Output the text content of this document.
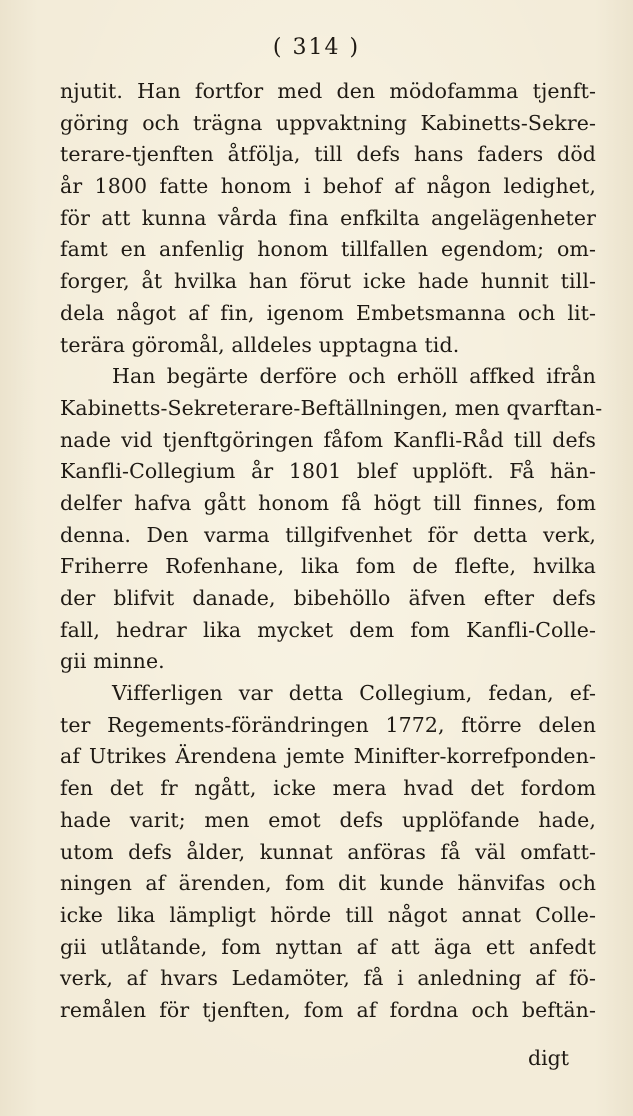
( 314 )
njutit. Han fortfor med den mödofamma tjenft-
göring och trägna uppvaktning Kabinetts-Sekre-
terare-tjenften åtfölja, till defs hans faders död
år 1800 fatte honom i behof af någon ledighet,
för att kunna vårda fina enfkilta angelägenheter
famt en anfenlig honom tillfallen egendom; om-
forger, åt hvilka han förut icke hade hunnit till-
dela något af fin, igenom Embetsmanna och lit-
terära göromål, alldeles upptagna tid.
Han begärte derföre och erhöll affked ifrån
Kabinetts-Sekreterare-Beftällningen, men qvarftan-
nade vid tjenftgöringen fåfom Kanfli-Råd till defs
Kanfli-Collegium år 1801 blef upplöft. Få hän-
delfer hafva gått honom få högt till finnes, fom
denna. Den varma tillgifvenhet för detta verk,
Friherre Rofenhane, lika fom de flefte, hvilka
der blifvit danade, bibehöllo äfven efter defs
fall, hedrar lika mycket dem fom Kanfli-Colle-
gii minne.
Vifferligen var detta Collegium, fedan, ef-
ter Regements-förändringen 1772, ftörre delen
af Utrikes Ärendena jemte Minifter-korrefponden-
fen det fr ngått, icke mera hvad det fordom
hade varit; men emot defs upplöfande hade,
utom defs ålder, kunnat anföras få väl omfatt-
ningen af ärenden, fom dit kunde hänvifas och
icke lika lämpligt hörde till något annat Colle-
gii utlåtande, fom nyttan af att äga ett anfedt
verk, af hvars Ledamöter, få i anledning af fö-
remålen för tjenften, fom af fordna och beftän-
digt
